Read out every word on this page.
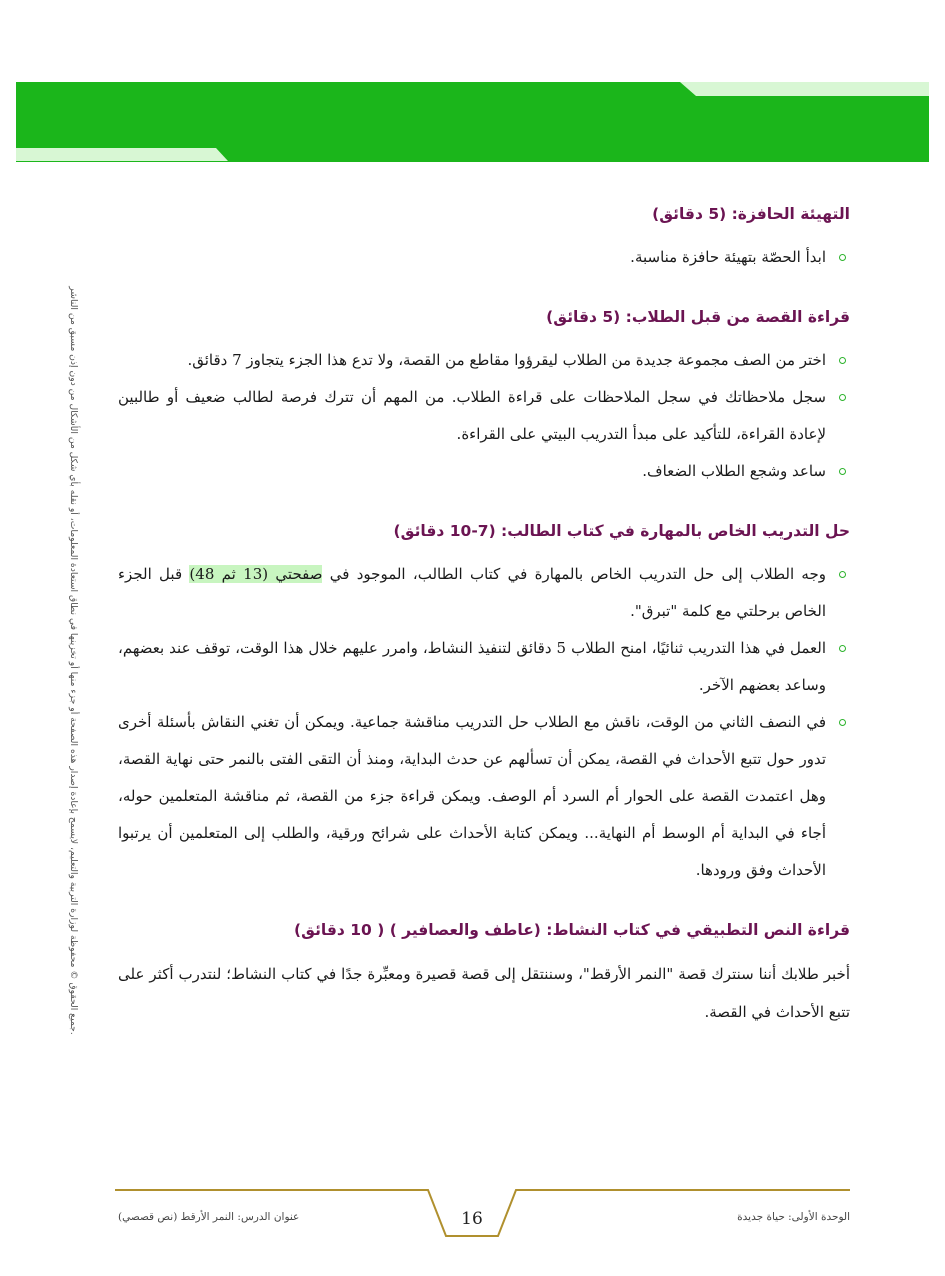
جميع الحقوق © محفوظة لوزارة التربية والتعليم، لايسمح بإعادة إصدار هذه الصفحة أو جزء منها أو تخزينها في نطاق استعادة المعلومات، أو نقله بأي شكل من الأشكال من دون إذن مسبق من الناشر.
التهيئة الحافزة: (5 دقائق)
ابدأ الحصّة بتهيئة حافزة مناسبة.
قراءة القصة من قبل الطلاب: (5 دقائق)
اختر من الصف مجموعة جديدة من الطلاب ليقرؤوا مقاطع من القصة، ولا تدع هذا الجزء يتجاوز 7 دقائق.
سجل ملاحظاتك في سجل الملاحظات على قراءة الطلاب. من المهم أن تترك فرصة لطالب ضعيف أو طالبين لإعادة القراءة، للتأكيد على مبدأ التدريب البيتي على القراءة.
ساعد وشجع الطلاب الضعاف.
حل التدريب الخاص بالمهارة في كتاب الطالب: (7-10 دقائق)
وجه الطلاب إلى حل التدريب الخاص بالمهارة في كتاب الطالب، الموجود في صفحتي (13 ثم 48) قبل الجزء الخاص برحلتي مع كلمة "تبرق".
العمل في هذا التدريب ثنائيًا، امنح الطلاب 5 دقائق لتنفيذ النشاط، وامرر عليهم خلال هذا الوقت، توقف عند بعضهم، وساعد بعضهم الآخر.
في النصف الثاني من الوقت، ناقش مع الطلاب حل التدريب مناقشة جماعية. ويمكن أن تغني النقاش بأسئلة أخرى تدور حول تتبع الأحداث في القصة، يمكن أن تسألهم عن حدث البداية، ومنذ أن التقى الفتى بالنمر حتى نهاية القصة، وهل اعتمدت القصة على الحوار أم السرد أم الوصف. ويمكن قراءة جزء من القصة، ثم مناقشة المتعلمين حوله، أجاء في البداية أم الوسط أم النهاية... ويمكن كتابة الأحداث على شرائح ورقية، والطلب إلى المتعلمين أن يرتبوا الأحداث وفق ورودها.
قراءة النص التطبيقي في كتاب النشاط: (عاطف والعصافير ) ( 10 دقائق)

أخبر طلابك أننا سنترك قصة "النمر الأرقط"، وسننتقل إلى قصة قصيرة ومعبِّرة جدًا في كتاب النشاط؛ لنتدرب أكثر على تتبع الأحداث في القصة.

عنوان الدرس: النمر الأرقط (نص قصصي)	16	الوحدة الأولى: حياة جديدة
